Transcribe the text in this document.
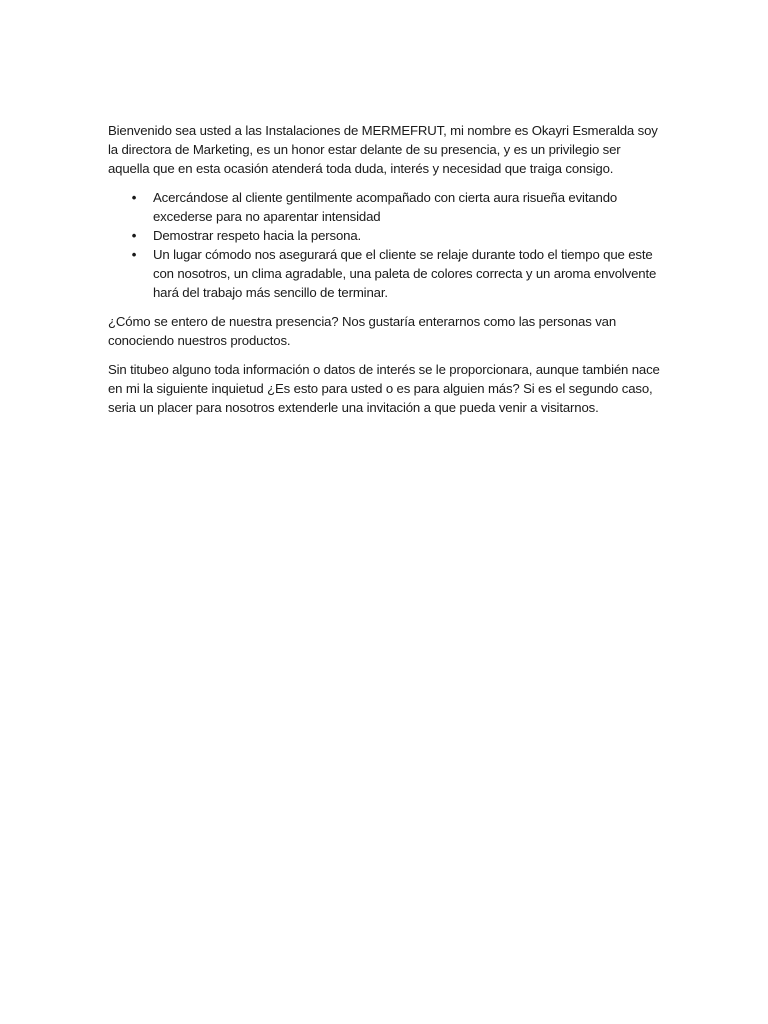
Bienvenido sea usted a las Instalaciones de MERMEFRUT, mi nombre es Okayri Esmeralda soy la directora de Marketing, es un honor estar delante de su presencia, y es un privilegio ser aquella que en esta ocasión atenderá toda duda, interés y necesidad que traiga consigo.

• Acercándose al cliente gentilmente acompañado con cierta aura risueña evitando excederse para no aparentar intensidad
• Demostrar respeto hacia la persona.
• Un lugar cómodo nos asegurará que el cliente se relaje durante todo el tiempo que este con nosotros, un clima agradable, una paleta de colores correcta y un aroma envolvente hará del trabajo más sencillo de terminar.

¿Cómo se entero de nuestra presencia? Nos gustaría enterarnos como las personas van conociendo nuestros productos.

Sin titubeo alguno toda información o datos de interés se le proporcionara, aunque también nace en mi la siguiente inquietud ¿Es esto para usted o es para alguien más? Si es el segundo caso, seria un placer para nosotros extenderle una invitación a que pueda venir a visitarnos.
